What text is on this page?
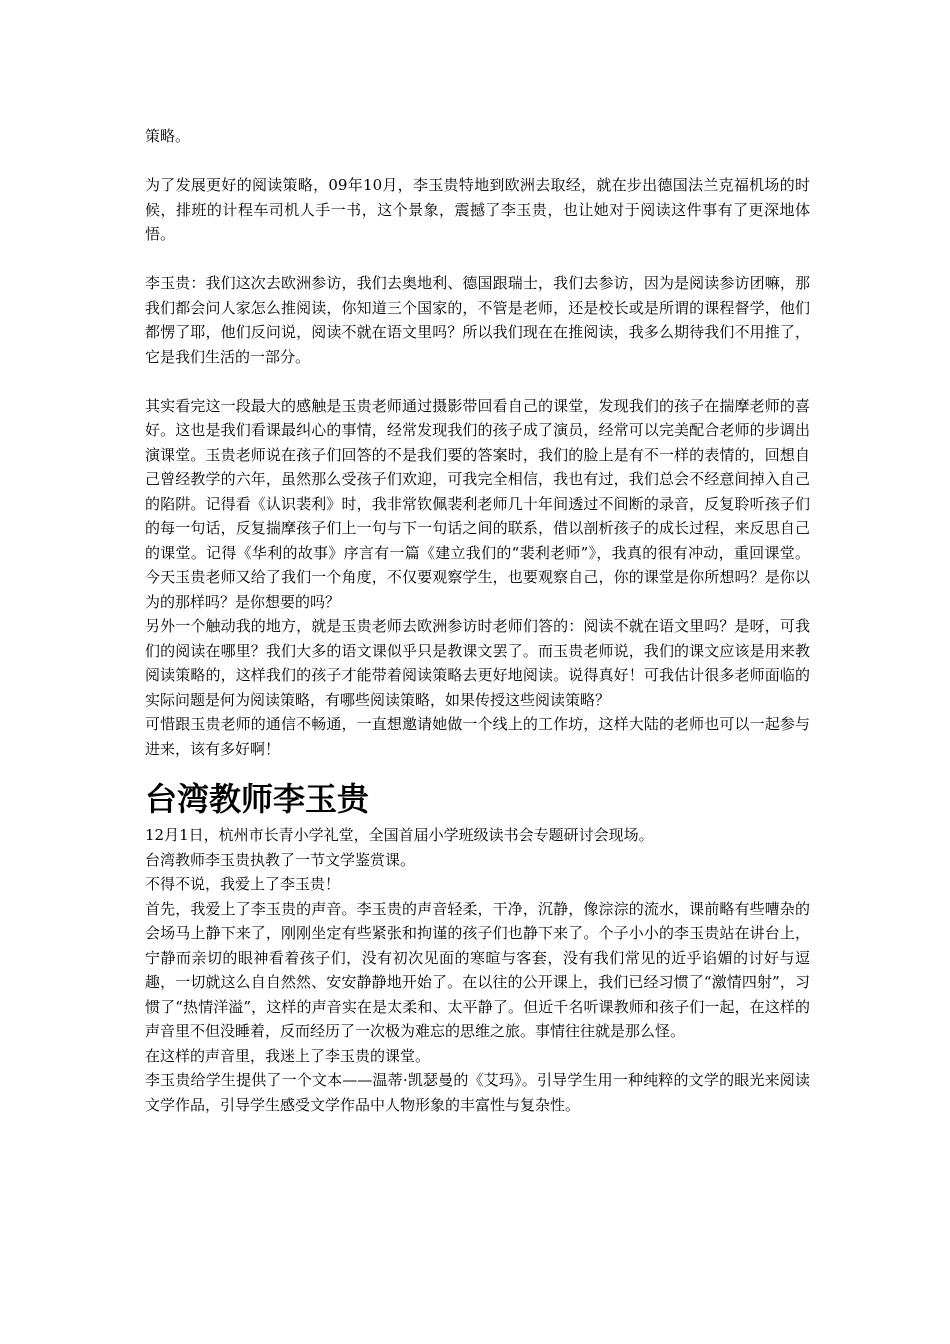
策略。

为了发展更好的阅读策略，09年10月，李玉贵特地到欧洲去取经，就在步出德国法兰克福机场的时候，排班的计程车司机人手一书，这个景象，震撼了李玉贵，也让她对于阅读这件事有了更深地体悟。

李玉贵：我们这次去欧洲参访，我们去奥地利、德国跟瑞士，我们去参访，因为是阅读参访团嘛，那我们都会问人家怎么推阅读，你知道三个国家的，不管是老师，还是校长或是所谓的课程督学，他们都愣了耶，他们反问说，阅读不就在语文里吗？所以我们现在在推阅读，我多么期待我们不用推了，它是我们生活的一部分。

其实看完这一段最大的感触是玉贵老师通过摄影带回看自己的课堂，发现我们的孩子在揣摩老师的喜好。这也是我们看课最纠心的事情，经常发现我们的孩子成了演员，经常可以完美配合老师的步调出演课堂。玉贵老师说在孩子们回答的不是我们要的答案时，我们的脸上是有不一样的表情的，回想自己曾经教学的六年，虽然那么受孩子们欢迎，可我完全相信，我也有过，我们总会不经意间掉入自己的陷阱。记得看《认识裴利》时，我非常钦佩裴利老师几十年间透过不间断的录音，反复聆听孩子们的每一句话，反复揣摩孩子们上一句与下一句话之间的联系，借以剖析孩子的成长过程，来反思自己的课堂。记得《华利的故事》序言有一篇《建立我们的“裴利老师”》，我真的很有冲动，重回课堂。今天玉贵老师又给了我们一个角度，不仅要观察学生，也要观察自己，你的课堂是你所想吗？是你以为的那样吗？是你想要的吗？

另外一个触动我的地方，就是玉贵老师去欧洲参访时老师们答的：阅读不就在语文里吗？是呀，可我们的阅读在哪里？我们大多的语文课似乎只是教课文罢了。而玉贵老师说，我们的课文应该是用来教阅读策略的，这样我们的孩子才能带着阅读策略去更好地阅读。说得真好！可我估计很多老师面临的实际问题是何为阅读策略，有哪些阅读策略，如果传授这些阅读策略？

可惜跟玉贵老师的通信不畅通，一直想邀请她做一个线上的工作坊，这样大陆的老师也可以一起参与进来，该有多好啊！

台湾教师李玉贵

12月1日，杭州市长青小学礼堂，全国首届小学班级读书会专题研讨会现场。

台湾教师李玉贵执教了一节文学鉴赏课。

不得不说，我爱上了李玉贵！

首先，我爱上了李玉贵的声音。李玉贵的声音轻柔，干净，沉静，像淙淙的流水，课前略有些嘈杂的会场马上静下来了，刚刚坐定有些紧张和拘谨的孩子们也静下来了。个子小小的李玉贵站在讲台上，宁静而亲切的眼神看着孩子们，没有初次见面的寒暄与客套，没有我们常见的近乎谄媚的讨好与逗趣，一切就这么自自然然、安安静静地开始了。在以往的公开课上，我们已经习惯了“激情四射”，习惯了“热情洋溢”，这样的声音实在是太柔和、太平静了。但近千名听课教师和孩子们一起，在这样的声音里不但没睡着，反而经历了一次极为难忘的思维之旅。事情往往就是那么怪。

在这样的声音里，我迷上了李玉贵的课堂。

李玉贵给学生提供了一个文本——温蒂·凯瑟曼的《艾玛》。引导学生用一种纯粹的文学的眼光来阅读文学作品，引导学生感受文学作品中人物形象的丰富性与复杂性。
